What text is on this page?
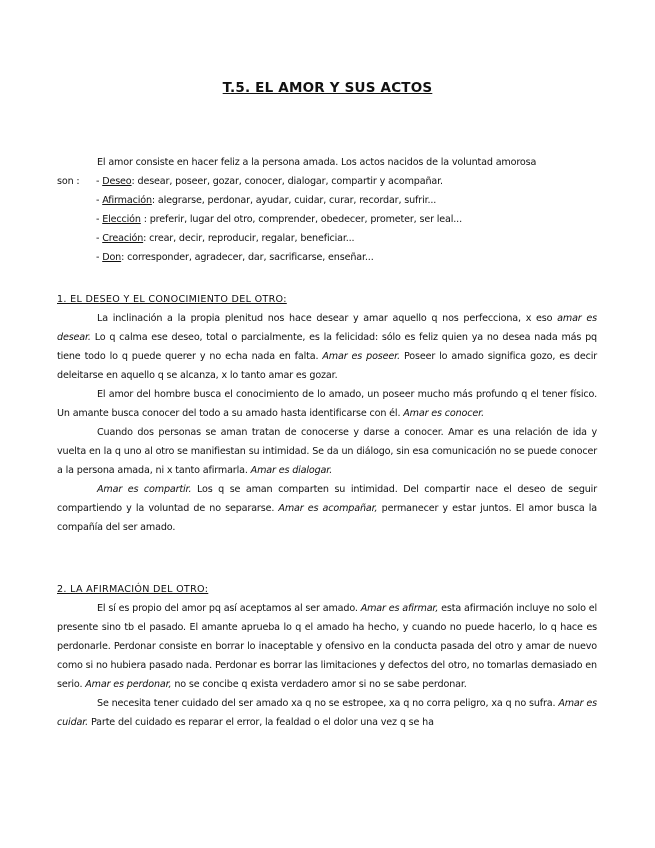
T.5. EL AMOR Y SUS ACTOS

El amor consiste en hacer feliz a la persona amada. Los actos nacidos de la voluntad amorosa

son :	- Deseo: desear, poseer, gozar, conocer, dialogar, compartir y acompañar.
- Afirmación: alegrarse, perdonar, ayudar, cuidar, curar, recordar, sufrir...
- Elección : preferir, lugar del otro, comprender, obedecer, prometer, ser leal...
- Creación: crear, decir, reproducir, regalar, beneficiar...
- Don: corresponder, agradecer, dar, sacrificarse, enseñar...

1. EL DESEO Y EL CONOCIMIENTO DEL OTRO:

La inclinación a la propia plenitud nos hace desear y amar aquello q nos perfecciona, x eso amar es desear. Lo q calma ese deseo, total o parcialmente, es la felicidad: sólo es feliz quien ya no desea nada más pq tiene todo lo q puede querer y no echa nada en falta. Amar es poseer. Poseer lo amado significa gozo, es decir deleitarse en aquello q se alcanza, x lo tanto amar es gozar.

El amor del hombre busca el conocimiento de lo amado, un poseer mucho más profundo q el tener físico. Un amante busca conocer del todo a su amado hasta identificarse con él. Amar es conocer.

Cuando dos personas se aman tratan de conocerse y darse a conocer. Amar es una relación de ida y vuelta en la q uno al otro se manifiestan su intimidad. Se da un diálogo, sin esa comunicación no se puede conocer a la persona amada, ni x tanto afirmarla. Amar es dialogar.

Amar es compartir. Los q se aman comparten su intimidad. Del compartir nace el deseo de seguir compartiendo y la voluntad de no separarse. Amar es acompañar, permanecer y estar juntos. El amor busca la compañía del ser amado.

2. LA AFIRMACIÓN DEL OTRO:

El sí es propio del amor pq así aceptamos al ser amado. Amar es afirmar, esta afirmación incluye no solo el presente sino tb el pasado. El amante aprueba lo q el amado ha hecho, y cuando no puede hacerlo, lo q hace es perdonarle. Perdonar consiste en borrar lo inaceptable y ofensivo en la conducta pasada del otro y amar de nuevo como si no hubiera pasado nada. Perdonar es borrar las limitaciones y defectos del otro, no tomarlas demasiado en serio. Amar es perdonar, no se concibe q exista verdadero amor si no se sabe perdonar.

Se necesita tener cuidado del ser amado xa q no se estropee, xa q no corra peligro, xa q no sufra. Amar es cuidar. Parte del cuidado es reparar el error, la fealdad o el dolor una vez q se ha
